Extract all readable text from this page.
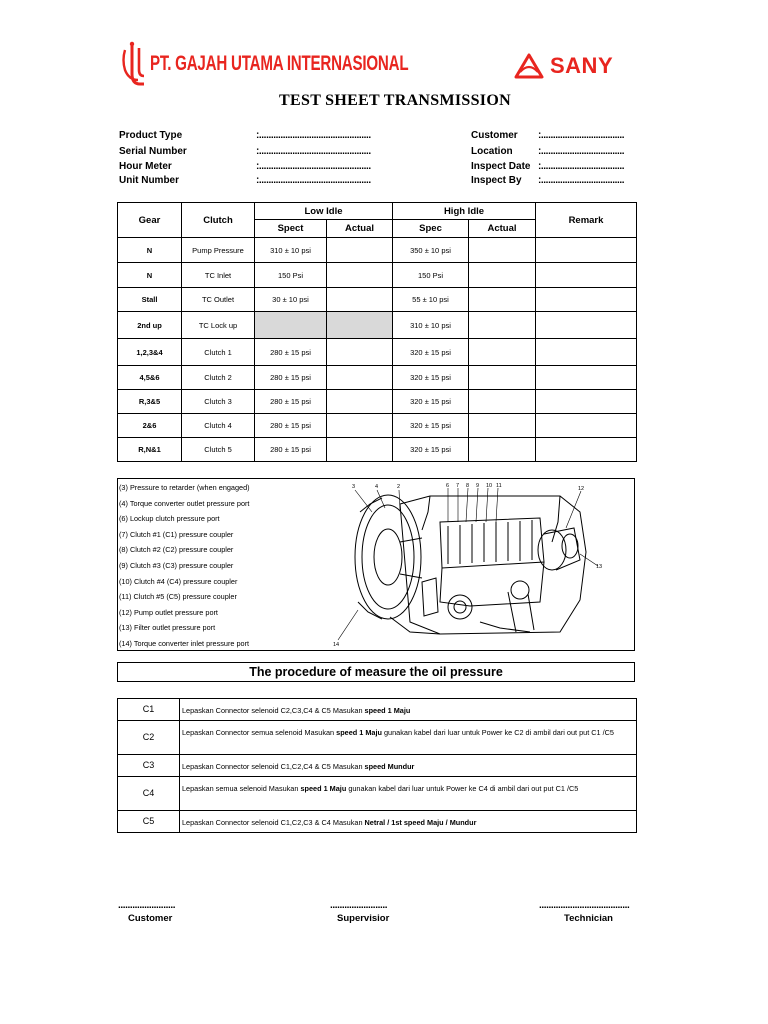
PT. GAJAH UTAMA INTERNASIONAL	SANY
TEST SHEET TRANSMISSION
Product Type	:...............................................
Serial Number	:...............................................
Hour Meter	:...............................................
Unit Number	:...............................................
Customer :...................................
Location	:...................................
Inspect Date :...................................
Inspect By :...................................
Gear	Clutch	Low Idle		High Idle		Remark
		Spect	Actual	Spec	Actual	
N	Pump Pressure	310 ± 10 psi		350 ± 10 psi		
N	TC Inlet	150 Psi		150 Psi		
Stall	TC Outlet	30 ± 10 psi		55 ± 10 psi		
2nd up	TC Lock up			310 ± 10 psi		
1,2,3&4	Clutch 1	280 ± 15 psi		320 ± 15 psi		
4,5&6	Clutch 2	280 ± 15 psi		320 ± 15 psi		
R,3&5	Clutch 3	280 ± 15 psi		320 ± 15 psi		
2&6	Clutch 4	280 ± 15 psi		320 ± 15 psi		
R,N&1	Clutch 5	280 ± 15 psi		320 ± 15 psi		
(3) Pressure to retarder (when engaged)
(4) Torque converter outlet pressure port
(6) Lockup clutch pressure port
(7) Clutch #1 (C1) pressure coupler
(8) Clutch #2 (C2) pressure coupler
(9) Clutch #3 (C3) pressure coupler
(10) Clutch #4 (C4) pressure coupler
(11) Clutch #5 (C5) pressure coupler
(12) Pump outlet pressure port
(13) Filter outlet pressure port
(14) Torque converter inlet pressure port
3	4	2	6 7 8 9 10 11	12
13
14
The procedure of measure the oil pressure
C1	Lepaskan Connector selenoid C2,C3,C4 & C5 Masukan speed 1 Maju
C2	Lepaskan Connector semua selenoid Masukan speed 1 Maju gunakan kabel dari luar untuk Power ke C2 di ambil dari out put C1 /C5
C3	Lepaskan Connector selenoid C1,C2,C4 & C5 Masukan speed Mundur
C4	Lepaskan semua selenoid Masukan speed 1 Maju gunakan kabel dari luar untuk Power ke C4 di ambil dari out put C1 /C5
C5	Lepaskan Connector selenoid C1,C2,C3 & C4 Masukan Netral / 1st speed Maju / Mundur
........................
Customer
........................
Supervisior
......................................
Technician
